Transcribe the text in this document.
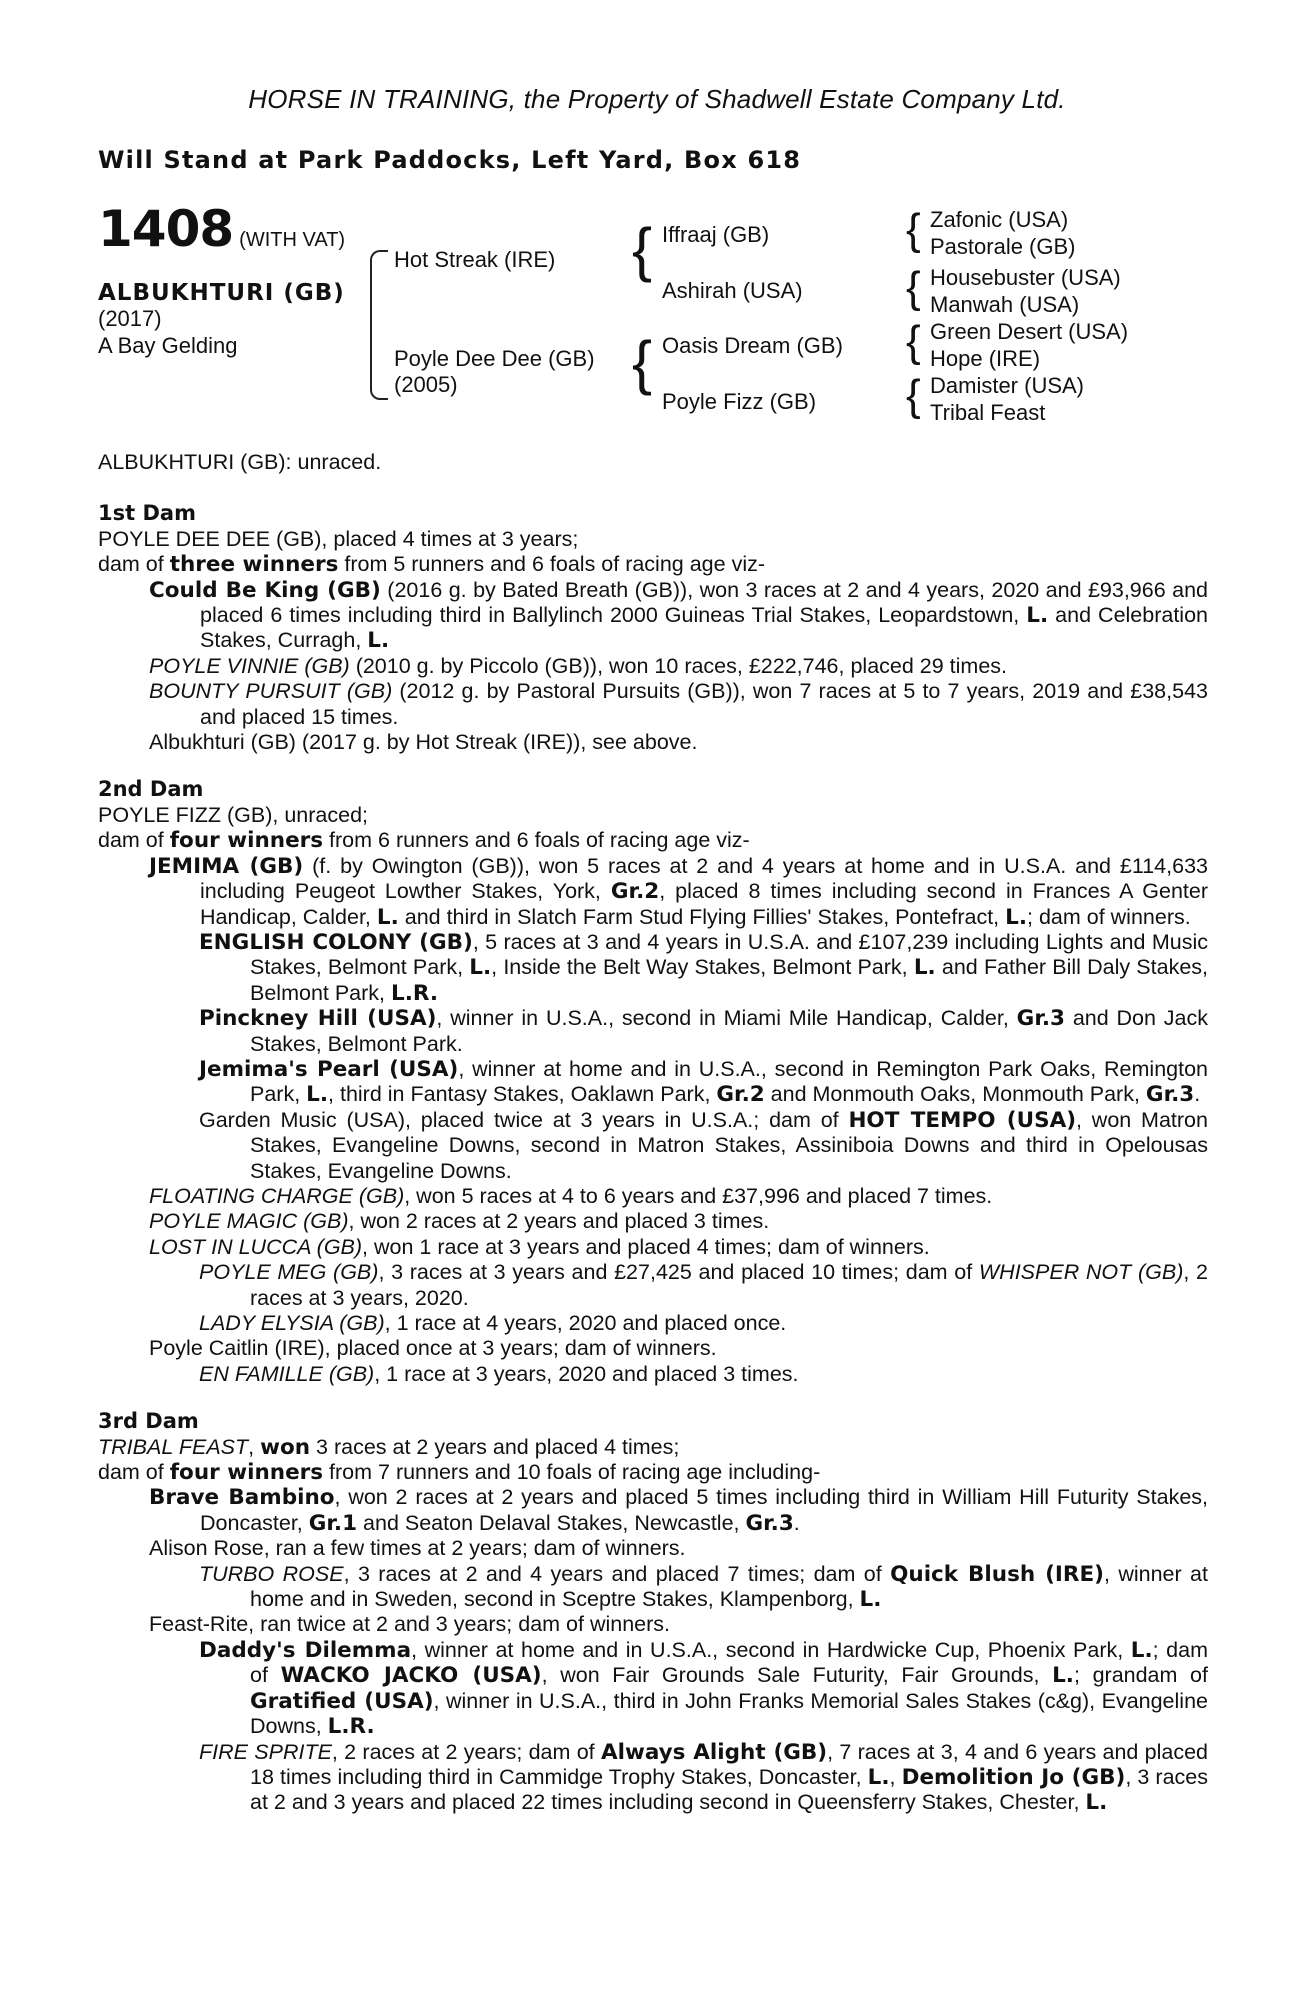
HORSE IN TRAINING, the Property of Shadwell Estate Company Ltd.
Will Stand at Park Paddocks, Left Yard, Box 618
1408 (WITH VAT)
ALBUKHTURI (GB)
(2017)
A Bay Gelding
Hot Streak (IRE)
Poyle Dee Dee (GB)
(2005)
{ Iffraaj (GB)
Ashirah (USA)
{ Oasis Dream (GB)
Poyle Fizz (GB)
{ Zafonic (USA)
Pastorale (GB)
{ Housebuster (USA)
Manwah (USA)
{ Green Desert (USA)
Hope (IRE)
{ Damister (USA)
Tribal Feast

ALBUKHTURI (GB): unraced.

1st Dam

POYLE DEE DEE (GB), placed 4 times at 3 years;

dam of three winners from 5 runners and 6 foals of racing age viz-

Could Be King (GB) (2016 g. by Bated Breath (GB)), won 3 races at 2 and 4 years, 2020 and £93,966 and placed 6 times including third in Ballylinch 2000 Guineas Trial Stakes, Leopardstown, L. and Celebration Stakes, Curragh, L.

POYLE VINNIE (GB) (2010 g. by Piccolo (GB)), won 10 races, £222,746, placed 29 times.

BOUNTY PURSUIT (GB) (2012 g. by Pastoral Pursuits (GB)), won 7 races at 5 to 7 years, 2019 and £38,543 and placed 15 times.

Albukhturi (GB) (2017 g. by Hot Streak (IRE)), see above.

2nd Dam

POYLE FIZZ (GB), unraced;

dam of four winners from 6 runners and 6 foals of racing age viz-

JEMIMA (GB) (f. by Owington (GB)), won 5 races at 2 and 4 years at home and in U.S.A. and £114,633 including Peugeot Lowther Stakes, York, Gr.2, placed 8 times including second in Frances A Genter Handicap, Calder, L. and third in Slatch Farm Stud Flying Fillies' Stakes, Pontefract, L.; dam of winners.

ENGLISH COLONY (GB), 5 races at 3 and 4 years in U.S.A. and £107,239 including Lights and Music Stakes, Belmont Park, L., Inside the Belt Way Stakes, Belmont Park, L. and Father Bill Daly Stakes, Belmont Park, L.R.

Pinckney Hill (USA), winner in U.S.A., second in Miami Mile Handicap, Calder, Gr.3 and Don Jack Stakes, Belmont Park.

Jemima's Pearl (USA), winner at home and in U.S.A., second in Remington Park Oaks, Remington Park, L., third in Fantasy Stakes, Oaklawn Park, Gr.2 and Monmouth Oaks, Monmouth Park, Gr.3.

Garden Music (USA), placed twice at 3 years in U.S.A.; dam of HOT TEMPO (USA), won Matron Stakes, Evangeline Downs, second in Matron Stakes, Assiniboia Downs and third in Opelousas Stakes, Evangeline Downs.

FLOATING CHARGE (GB), won 5 races at 4 to 6 years and £37,996 and placed 7 times.

POYLE MAGIC (GB), won 2 races at 2 years and placed 3 times.

LOST IN LUCCA (GB), won 1 race at 3 years and placed 4 times; dam of winners.

POYLE MEG (GB), 3 races at 3 years and £27,425 and placed 10 times; dam of WHISPER NOT (GB), 2 races at 3 years, 2020.

LADY ELYSIA (GB), 1 race at 4 years, 2020 and placed once.

Poyle Caitlin (IRE), placed once at 3 years; dam of winners.

EN FAMILLE (GB), 1 race at 3 years, 2020 and placed 3 times.

3rd Dam

TRIBAL FEAST, won 3 races at 2 years and placed 4 times;

dam of four winners from 7 runners and 10 foals of racing age including-

Brave Bambino, won 2 races at 2 years and placed 5 times including third in William Hill Futurity Stakes, Doncaster, Gr.1 and Seaton Delaval Stakes, Newcastle, Gr.3.

Alison Rose, ran a few times at 2 years; dam of winners.

TURBO ROSE, 3 races at 2 and 4 years and placed 7 times; dam of Quick Blush (IRE), winner at home and in Sweden, second in Sceptre Stakes, Klampenborg, L.

Feast-Rite, ran twice at 2 and 3 years; dam of winners.

Daddy's Dilemma, winner at home and in U.S.A., second in Hardwicke Cup, Phoenix Park, L.; dam of WACKO JACKO (USA), won Fair Grounds Sale Futurity, Fair Grounds, L.; grandam of Gratified (USA), winner in U.S.A., third in John Franks Memorial Sales Stakes (c&g), Evangeline Downs, L.R.

FIRE SPRITE, 2 races at 2 years; dam of Always Alight (GB), 7 races at 3, 4 and 6 years and placed 18 times including third in Cammidge Trophy Stakes, Doncaster, L., Demolition Jo (GB), 3 races at 2 and 3 years and placed 22 times including second in Queensferry Stakes, Chester, L.
